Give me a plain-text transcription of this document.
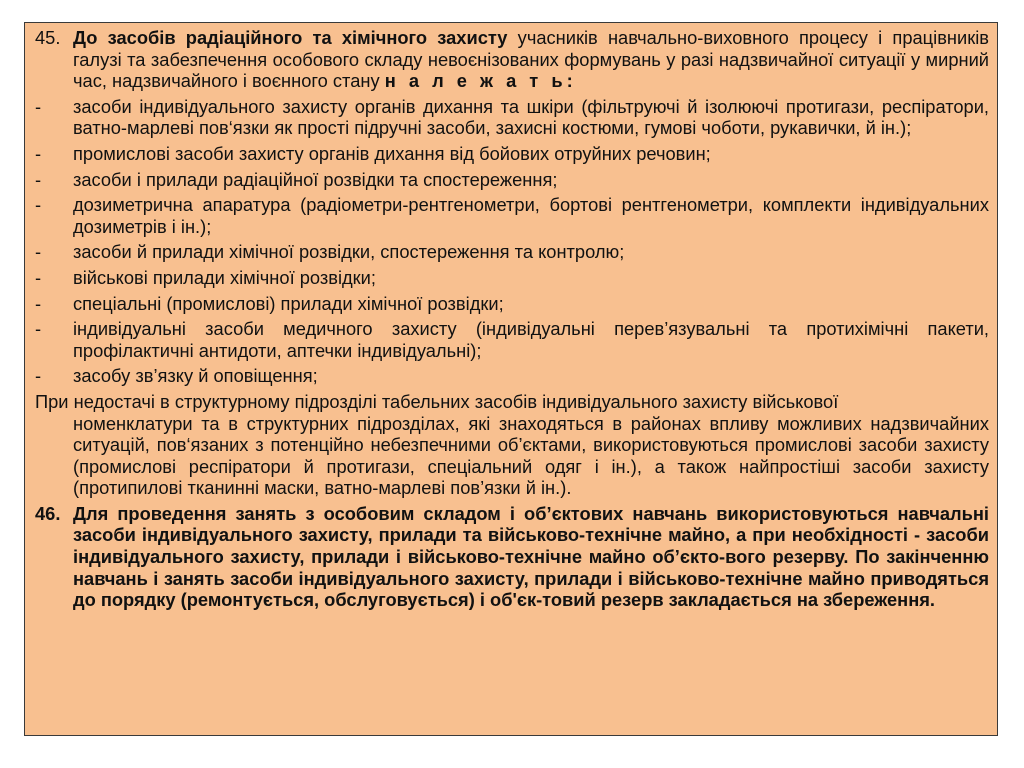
45. До засобів радіаційного та хімічного захисту учасників навчально-виховного процесу і працівників галузі та забезпечення особового складу невоєнізованих формувань у разі надзвичайної ситуації у мирний час, надзвичайного і воєнного стану н а л е ж а т ь:
-	засоби індивідуального захисту органів дихання та шкіри (фільтруючі й ізолюючі протигази, респіратори, ватно-марлеві пов‘язки як прості підручні засоби, захисні костюми, гумові чоботи, рукавички, й ін.);
-	промислові засоби захисту органів дихання від бойових отруйних речовин;
-	засоби і прилади радіаційної розвідки та спостереження;
-	дозиметрична апаратура (радіометри-рентгенометри, бортові рентгенометри, комплекти індивідуальних дозиметрів і ін.);
-	засоби й прилади хімічної розвідки, спостереження та контролю;
-	військові прилади хімічної розвідки;
-	спеціальні (промислові) прилади хімічної розвідки;
-	індивідуальні засоби медичного захисту (індивідуальні перев’язувальні та протихімічні пакети, профілактичні антидоти, аптечки індивідуальні);
-	засобу зв’язку й оповіщення;
При недостачі в структурному підрозділі табельних засобів індивідуального захисту військової
номенклатури та в структурних підрозділах, які знаходяться в районах впливу можливих надзвичайних ситуацій, пов‘язаних з потенційно небезпечними об’єктами, використовуються промислові засоби захисту (промислові респіратори й протигази, спеціальний одяг і ін.), а також найпростіші засоби захисту (протипилові тканинні маски, ватно-марлеві пов’язки й ін.).
46. Для проведення занять з особовим складом і об’єктових навчань використовуються навчальні засоби індивідуального захисту, прилади та військово-технічне майно, а при необхідності - засоби індивідуального захисту, прилади і військово-технічне майно об’єкто-вого резерву. По закінченню навчань і занять засоби індивідуального захисту, прилади і військово-технічне майно приводяться до порядку (ремонтується, обслуговується) і об'єк-товий резерв закладається на збереження.
